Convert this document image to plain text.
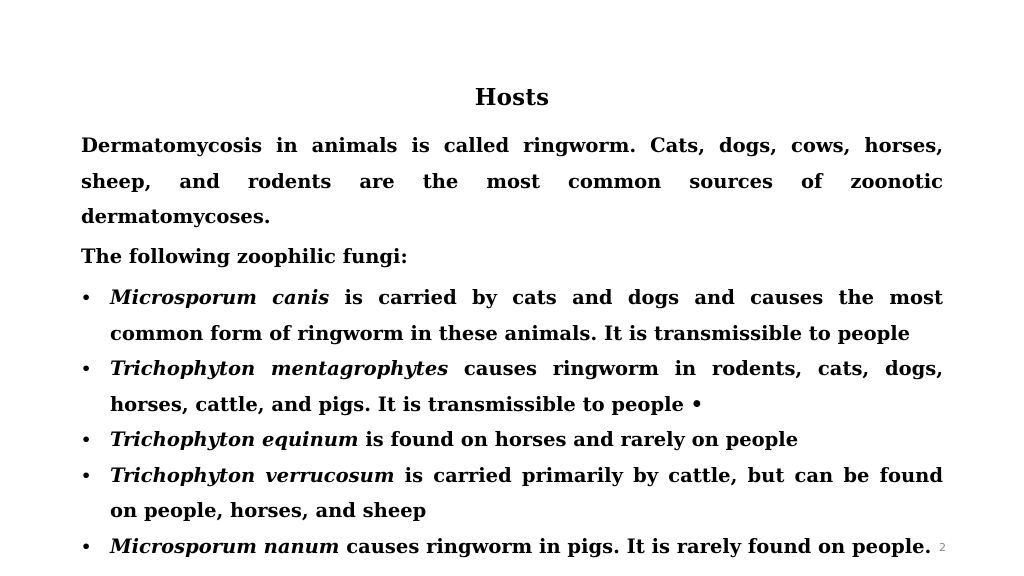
Hosts

Dermatomycosis in animals is called ringworm. Cats, dogs, cows, horses, sheep, and rodents are the most common sources of zoonotic dermatomycoses.

The following zoophilic fungi:

• Microsporum canis is carried by cats and dogs and causes the most common form of ringworm in these animals. It is transmissible to people
• Trichophyton mentagrophytes causes ringworm in rodents, cats, dogs, horses, cattle, and pigs. It is transmissible to people •
• Trichophyton equinum is found on horses and rarely on people
• Trichophyton verrucosum is carried primarily by cattle, but can be found on people, horses, and sheep
• Microsporum nanum causes ringworm in pigs. It is rarely found on people. 2
